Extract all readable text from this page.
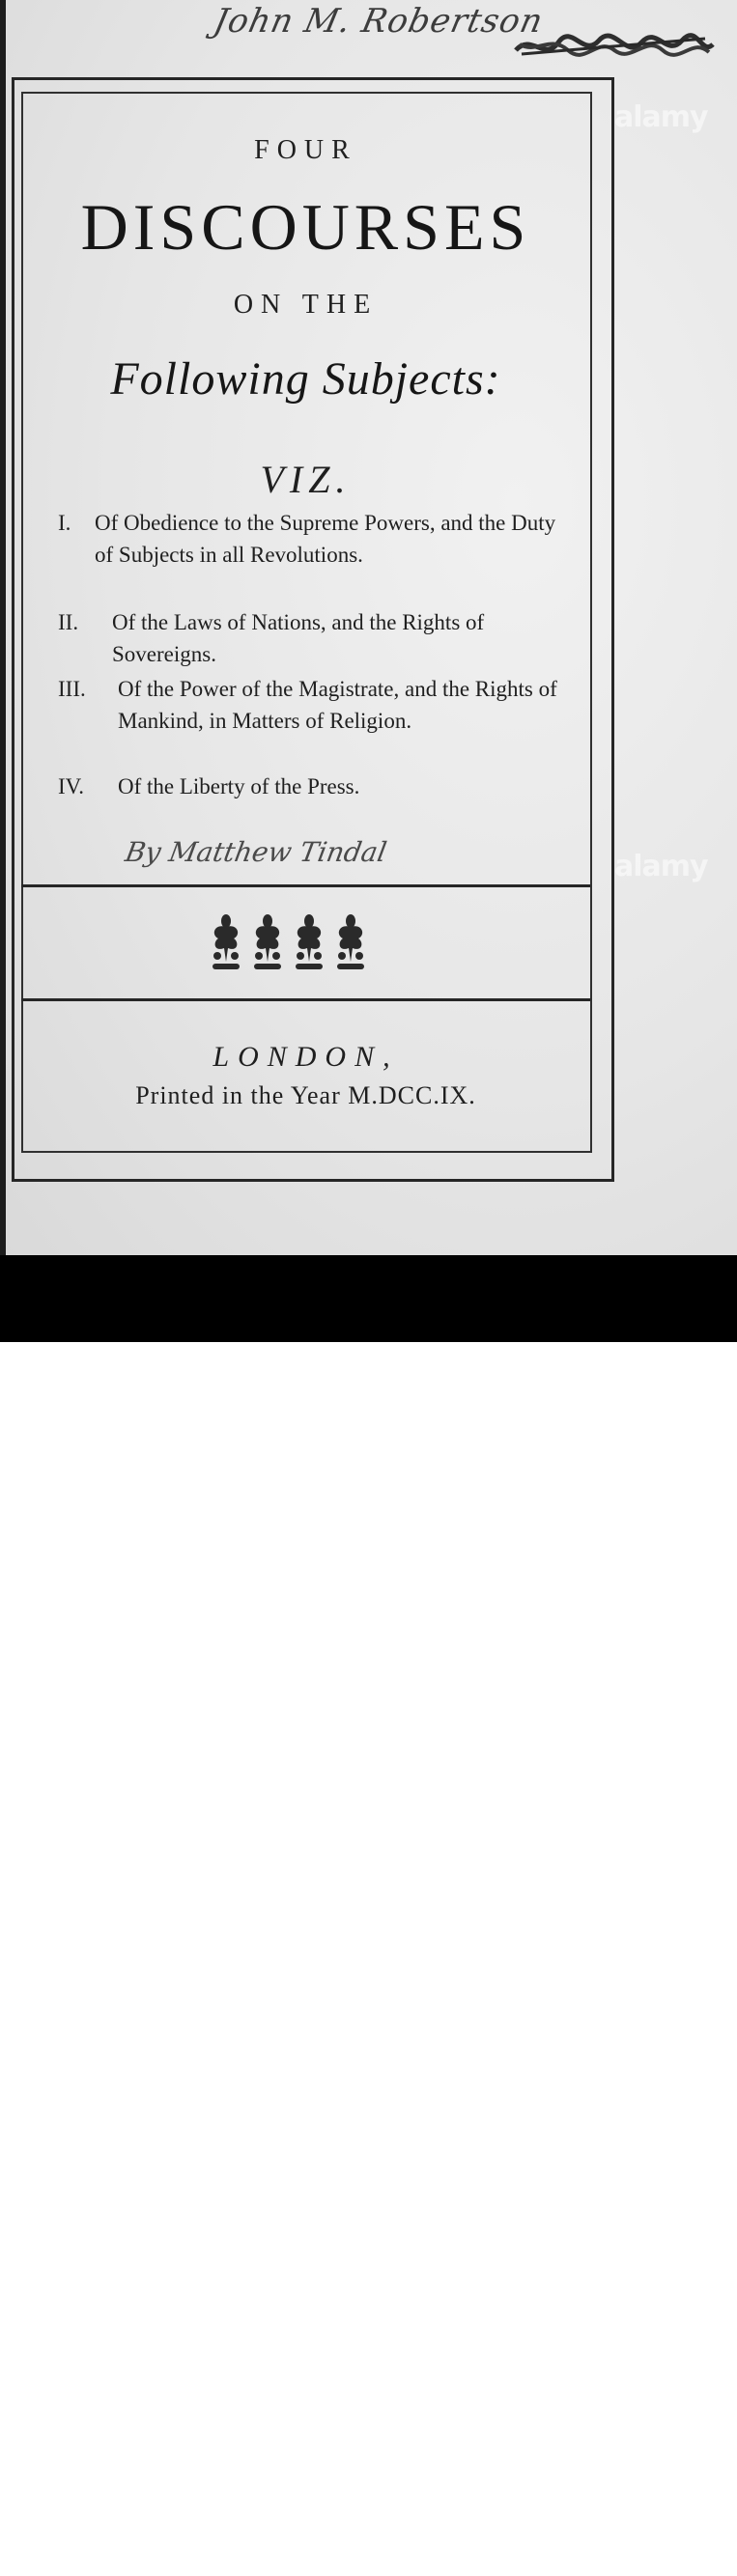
John M. Robertson
FOUR
DISCOURSES
ON THE
Following Subjects:
VIZ.
I.	Of Obedience to the Supreme Powers, and the Duty of Subjects in all Revolutions.
II.	Of the Laws of Nations, and the Rights of Sovereigns.
III.	Of the Power of the Magistrate, and the Rights of Mankind, in Matters of Religion.
IV.	Of the Liberty of the Press.
By Matthew Tindal
LONDON,
Printed in the Year M.DCC.IX.
alamy
alamy
alamy	D98RW1
www.alamy.com
